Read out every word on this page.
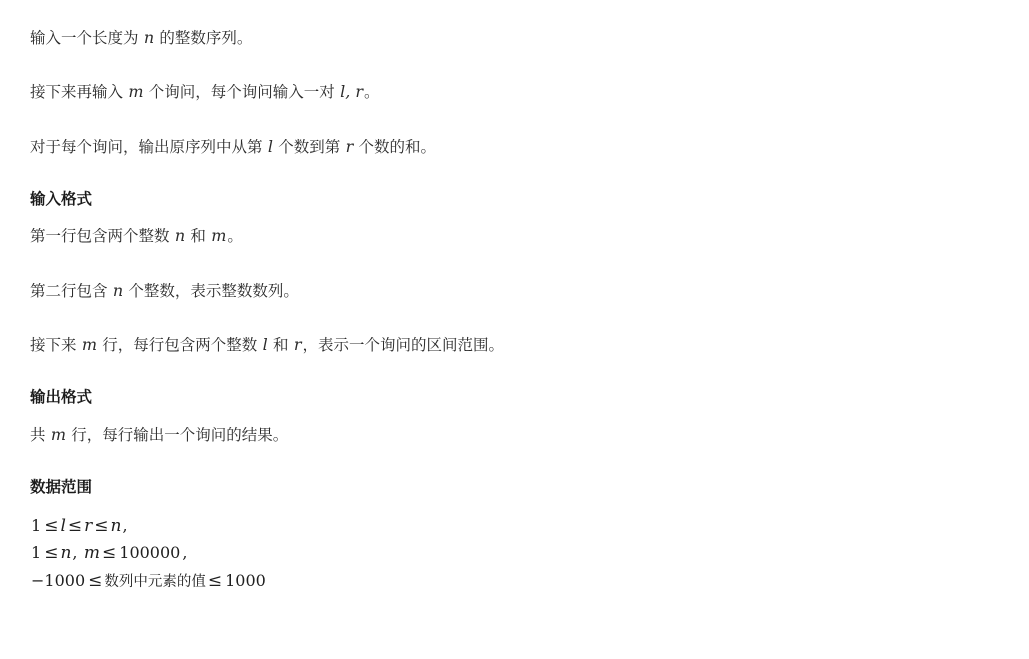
输入一个长度为 n 的整数序列。

接下来再输入 m 个询问，每个询问输入一对 l, r。

对于每个询问，输出原序列中从第 l 个数到第 r 个数的和。

输入格式

第一行包含两个整数 n 和 m。

第二行包含 n 个整数，表示整数数列。

接下来 m 行，每行包含两个整数 l 和 r，表示一个询问的区间范围。

输出格式

共 m 行，每行输出一个询问的结果。

数据范围
1 ≤ l ≤ r ≤ n,
1 ≤ n, m ≤ 100000 ,
−1000 ≤ 数列中元素的值 ≤ 1000
